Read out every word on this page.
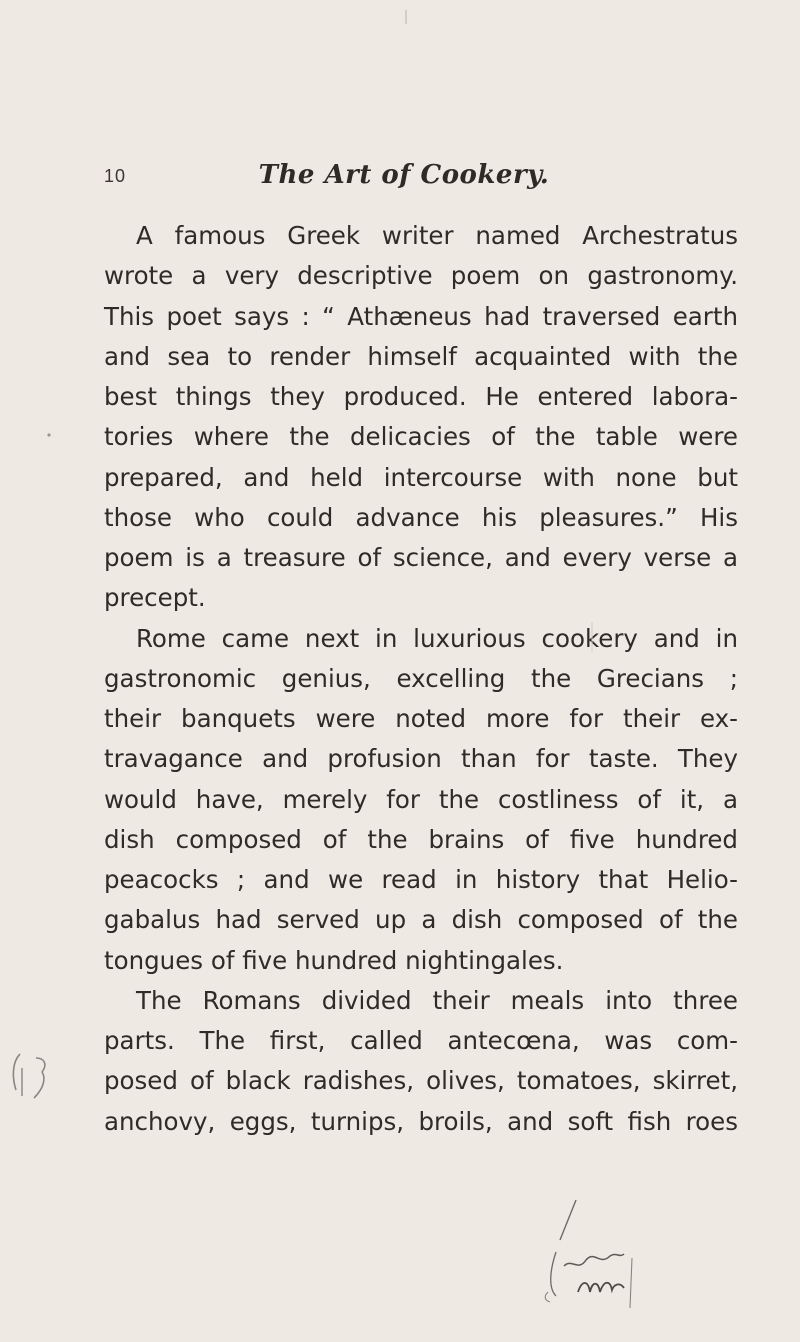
10	The Art of Cookery.
A famous Greek writer named Archestratus
wrote a very descriptive poem on gastronomy.
This poet says : “ Athæneus had traversed earth
and sea to render himself acquainted with the
best things they produced. He entered labora-
tories where the delicacies of the table were
prepared, and held intercourse with none but
those who could advance his pleasures.” His
poem is a treasure of science, and every verse a
precept.
Rome came next in luxurious cookery and in
gastronomic genius, excelling the Grecians ;
their banquets were noted more for their ex-
travagance and profusion than for taste. They
would have, merely for the costliness of it, a
dish composed of the brains of five hundred
peacocks ; and we read in history that Helio-
gabalus had served up a dish composed of the
tongues of five hundred nightingales.
The Romans divided their meals into three
parts. The first, called antecœna, was com-
posed of black radishes, olives, tomatoes, skirret,
anchovy, eggs, turnips, broils, and soft fish roes
